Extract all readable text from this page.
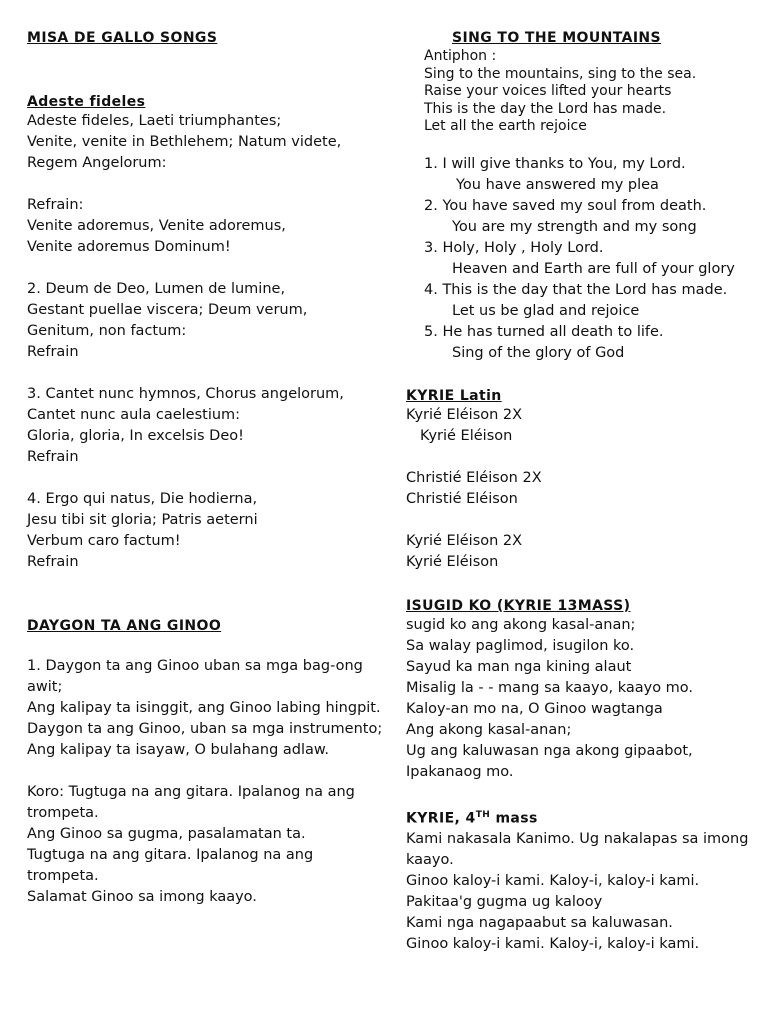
MISA DE GALLO SONGS
Adeste fideles
Adeste fideles, Laeti triumphantes;
Venite, venite in Bethlehem; Natum videte,
Regem Angelorum:

Refrain:
Venite adoremus, Venite adoremus,
Venite adoremus Dominum!

2. Deum de Deo, Lumen de lumine,
Gestant puellae viscera; Deum verum,
Genitum, non factum:
Refrain

3. Cantet nunc hymnos, Chorus angelorum,
Cantet nunc aula caelestium:
Gloria, gloria, In excelsis Deo!
Refrain

4. Ergo qui natus, Die hodierna,
Jesu tibi sit gloria; Patris aeterni
Verbum caro factum!
Refrain
DAYGON TA ANG GINOO

1. Daygon ta ang Ginoo uban sa mga bag-ong
awit;
Ang kalipay ta isinggit, ang Ginoo labing hingpit.
Daygon ta ang Ginoo, uban sa mga instrumento;
Ang kalipay ta isayaw, O bulahang adlaw.

Koro: Tugtuga na ang gitara. Ipalanog na ang
trompeta.
Ang Ginoo sa gugma, pasalamatan ta.
Tugtuga na ang gitara. Ipalanog na ang
trompeta.
Salamat Ginoo sa imong kaayo.
SING TO THE MOUNTAINS
Antiphon :
Sing to the mountains, sing to the sea.
Raise your voices lifted your hearts
This is the day the Lord has made.
Let all the earth rejoice
1. I will give thanks to You, my Lord.
You have answered my plea
2. You have saved my soul from death.
You are my strength and my song
3. Holy, Holy , Holy Lord.
Heaven and Earth are full of your glory
4. This is the day that the Lord has made.
Let us be glad and rejoice
5. He has turned all death to life.
Sing of the glory of God
KYRIE Latin
Kyrié Eléison 2X
Kyrié Eléison

Christié Eléison 2X
Christié Eléison

Kyrié Eléison 2X
Kyrié Eléison
ISUGID KO (KYRIE 13MASS)
sugid ko ang akong kasal-anan;
Sa walay paglimod, isugilon ko.
Sayud ka man nga kining alaut
Misalig la - - mang sa kaayo, kaayo mo.
Kaloy-an mo na, O Ginoo wagtanga
Ang akong kasal-anan;
Ug ang kaluwasan nga akong gipaabot,
Ipakanaog mo.
KYRIE, 4TH mass
Kami nakasala Kanimo. Ug nakalapas sa imong
kaayo.
Ginoo kaloy-i kami. Kaloy-i, kaloy-i kami.
Pakitaa'g gugma ug kalooy
Kami nga nagapaabut sa kaluwasan.
Ginoo kaloy-i kami. Kaloy-i, kaloy-i kami.
